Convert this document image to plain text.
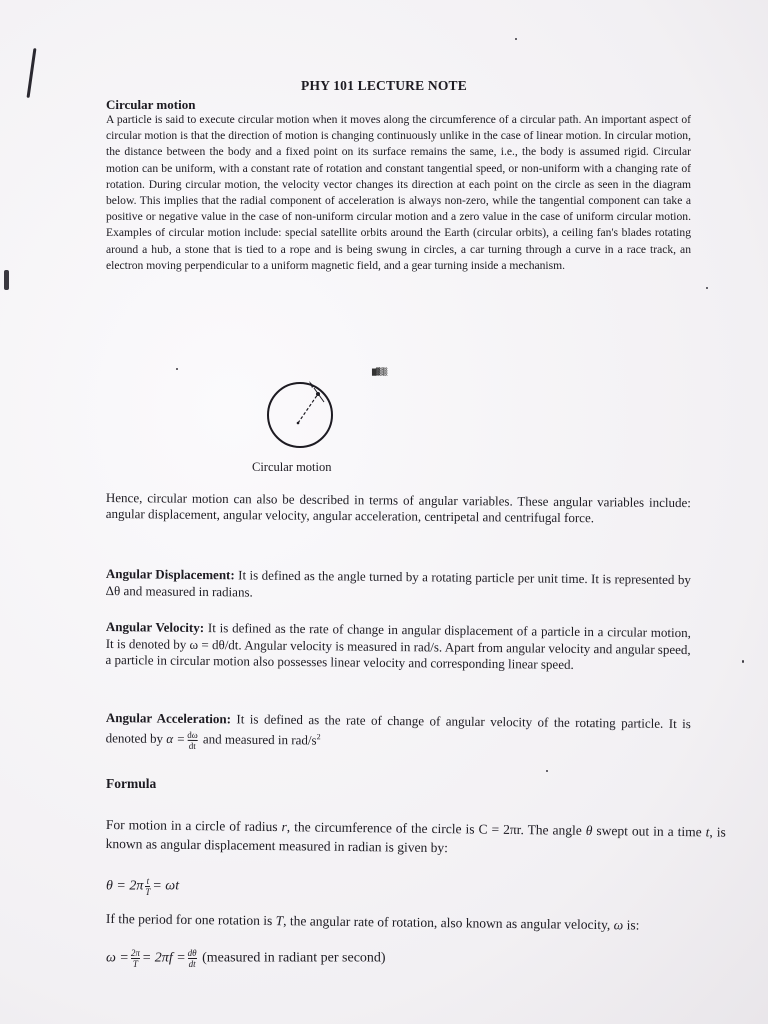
PHY 101 LECTURE NOTE
Circular motion
A particle is said to execute circular motion when it moves along the circumference of a circular path. An important aspect of circular motion is that the direction of motion is changing continuously unlike in the case of linear motion. In circular motion, the distance between the body and a fixed point on its surface remains the same, i.e., the body is assumed rigid. Circular motion can be uniform, with a constant rate of rotation and constant tangential speed, or non-uniform with a changing rate of rotation. During circular motion, the velocity vector changes its direction at each point on the circle as seen in the diagram below. This implies that the radial component of acceleration is always non-zero, while the tangential component can take a positive or negative value in the case of non-uniform circular motion and a zero value in the case of uniform circular motion. Examples of circular motion include: special satellite orbits around the Earth (circular orbits), a ceiling fan's blades rotating around a hub, a stone that is tied to a rope and is being swung in circles, a car turning through a curve in a race track, an electron moving perpendicular to a uniform magnetic field, and a gear turning inside a mechanism.
▇▓▒▒
Circular motion
Hence, circular motion can also be described in terms of angular variables. These angular variables include: angular displacement, angular velocity, angular acceleration, centripetal and centrifugal force.
Angular Displacement: It is defined as the angle turned by a rotating particle per unit time. It is represented by Δθ and measured in radians.
Angular Velocity: It is defined as the rate of change in angular displacement of a particle in a circular motion, It is denoted by ω = dθ/dt. Angular velocity is measured in rad/s. Apart from angular velocity and angular speed, a particle in circular motion also possesses linear velocity and corresponding linear speed.
Angular Acceleration: It is defined as the rate of change of angular velocity of the rotating particle. It is denoted by $\alpha = \frac{d\omega}{dt}$ and measured in rad/$s^2$
Formula
For motion in a circle of radius r, the circumference of the circle is C = 2πr. The angle θ swept out in a time t, is known as angular displacement measured in radian is given by:
$\theta = 2\pi \frac{t}{T} = \omega t$
If the period for one rotation is T, the angular rate of rotation, also known as angular velocity, ω is:
$\omega = \frac{2\pi}{T} = 2\pi f = \frac{d\theta}{dt}$ (measured in radiant per second)
